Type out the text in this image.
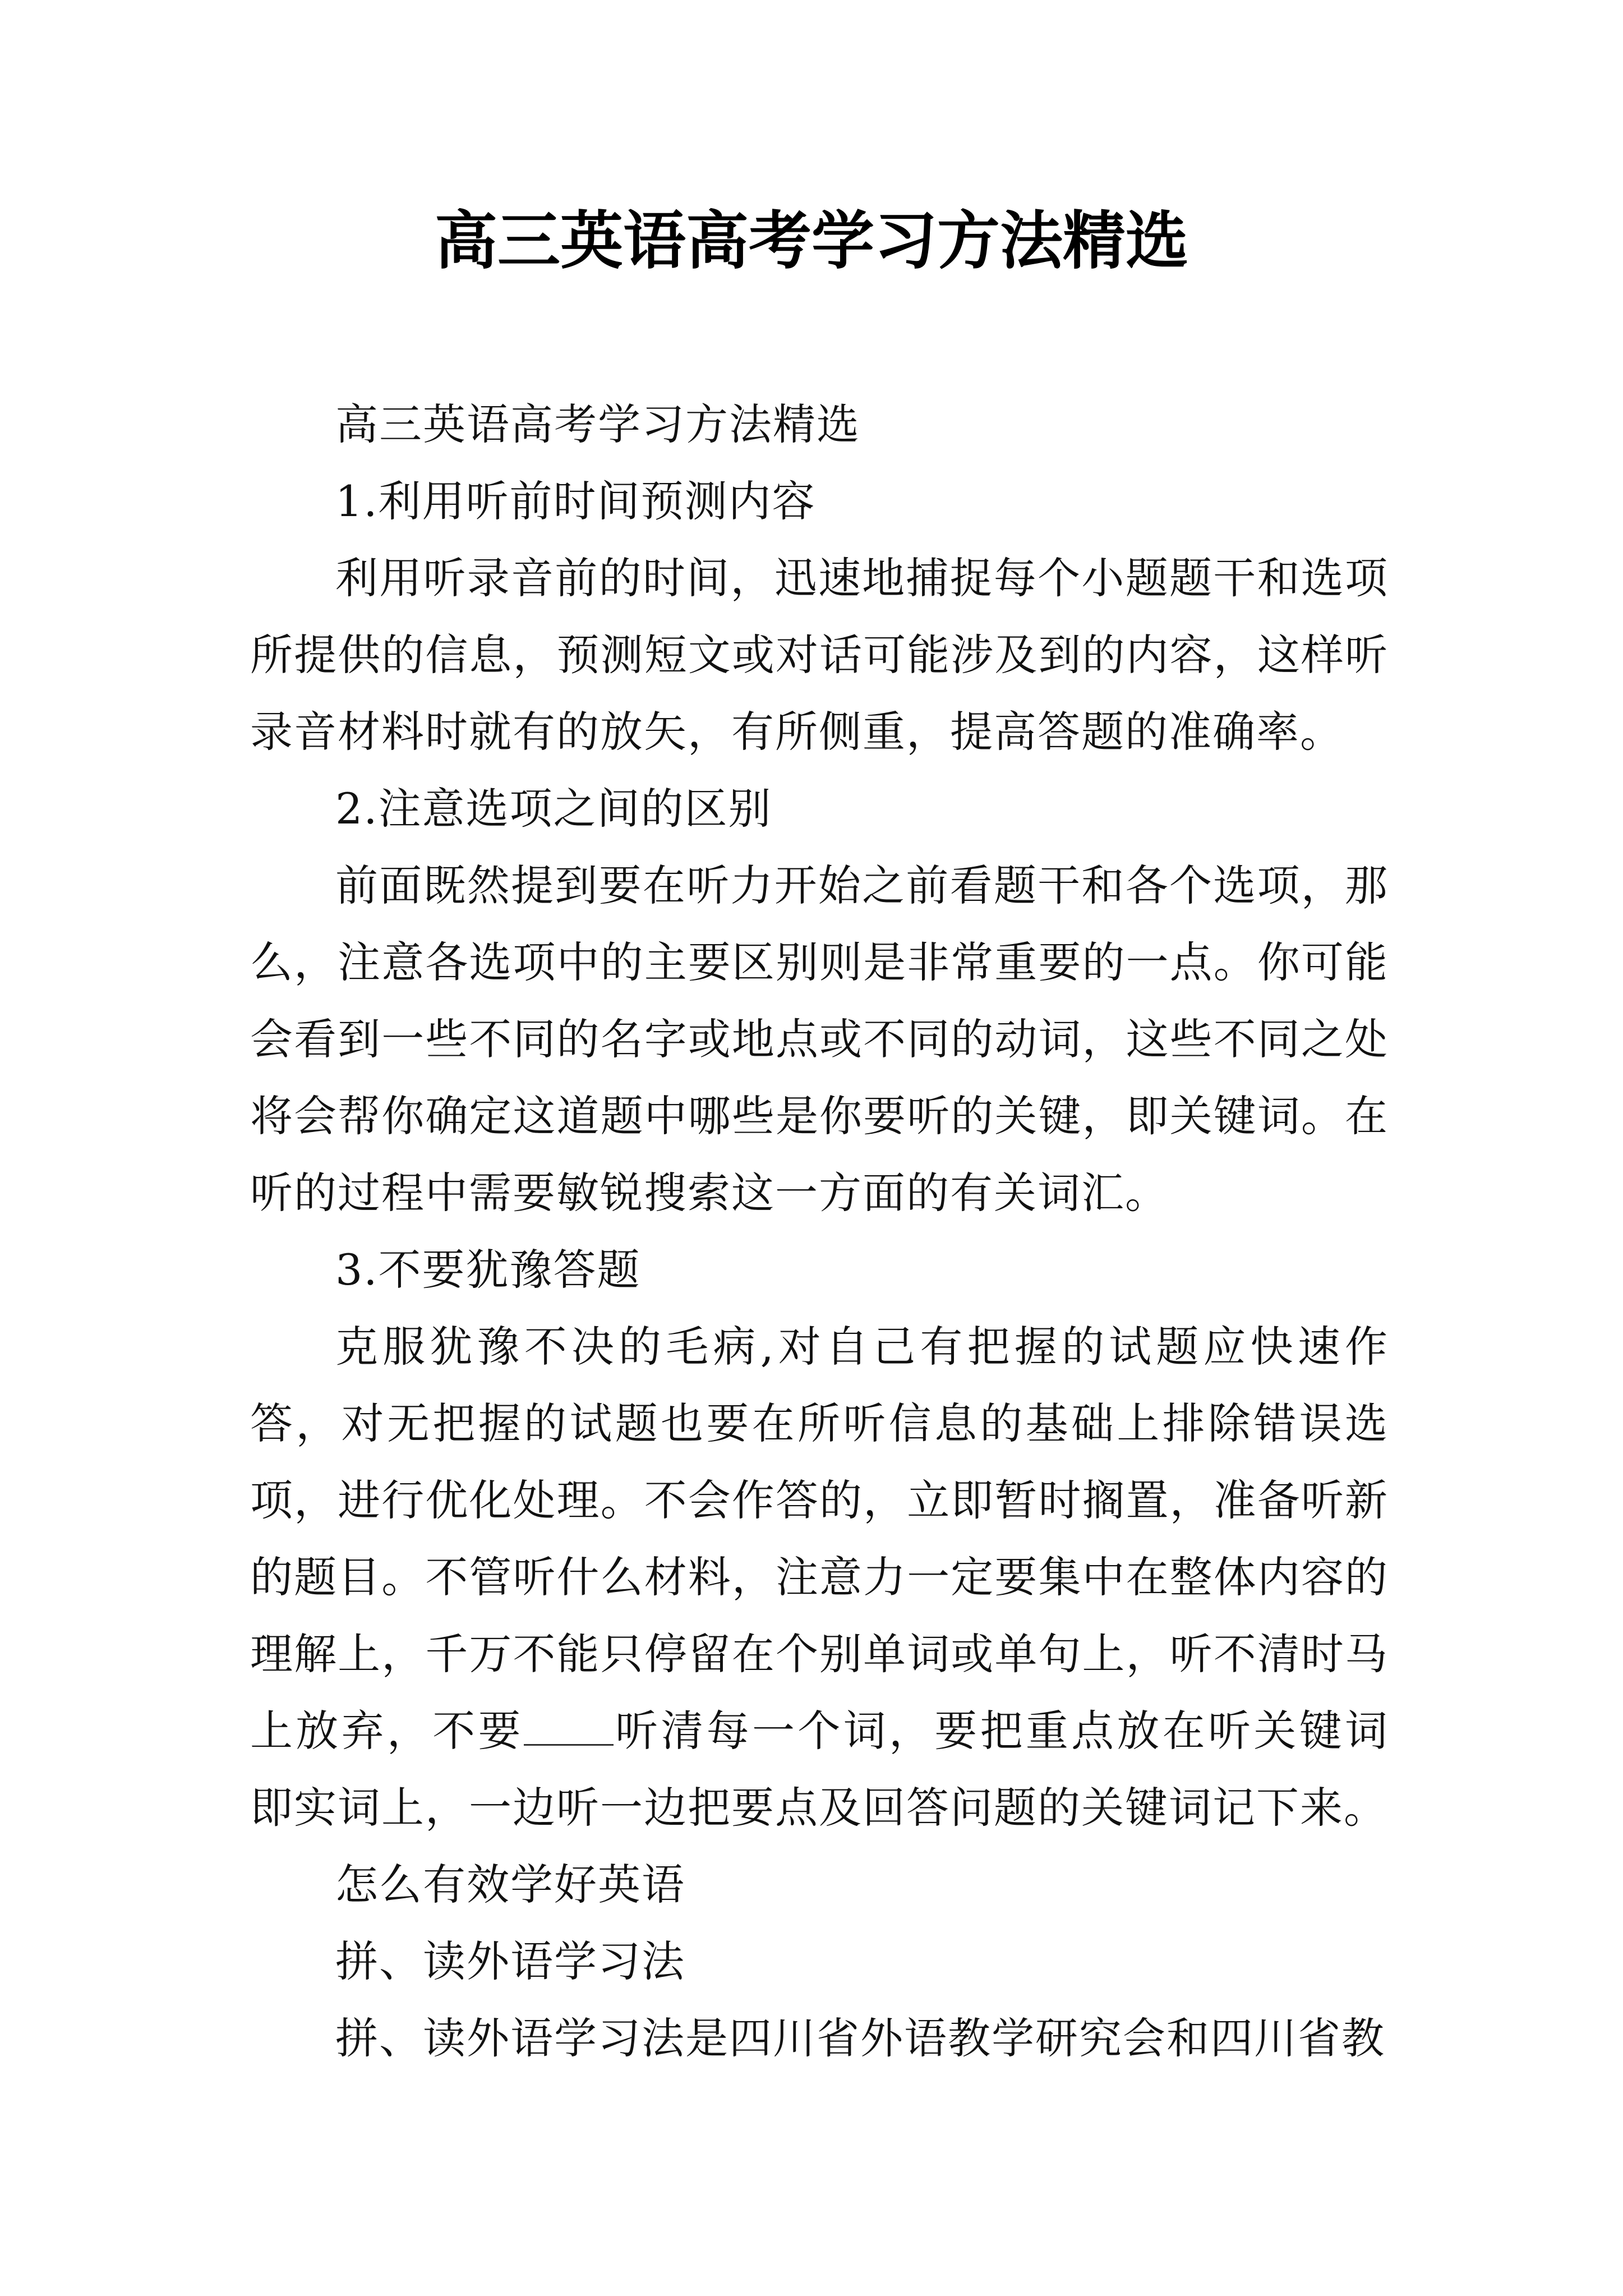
高三英语高考学习方法精选

高三英语高考学习方法精选

1.利用听前时间预测内容

利用听录音前的时间，迅速地捕捉每个小题题干和选项所提供的信息，预测短文或对话可能涉及到的内容，这样听录音材料时就有的放矢，有所侧重，提高答题的准确率。

2.注意选项之间的区别

前面既然提到要在听力开始之前看题干和各个选项，那么，注意各选项中的主要区别则是非常重要的一点。你可能会看到一些不同的名字或地点或不同的动词，这些不同之处将会帮你确定这道题中哪些是你要听的关键，即关键词。在听的过程中需要敏锐搜索这一方面的有关词汇。

3.不要犹豫答题

克服犹豫不决的毛病,对自己有把握的试题应快速作答，对无把握的试题也要在所听信息的基础上排除错误选项，进行优化处理。不会作答的，立即暂时搁置，准备听新的题目。不管听什么材料，注意力一定要集中在整体内容的理解上，千万不能只停留在个别单词或单句上，听不清时马上放弃，不要 听清每一个词，要把重点放在听关键词即实词上，一边听一边把要点及回答问题的关键词记下来。

怎么有效学好英语

拼、读外语学习法

拼、读外语学习法是四川省外语教学研究会和四川省教
